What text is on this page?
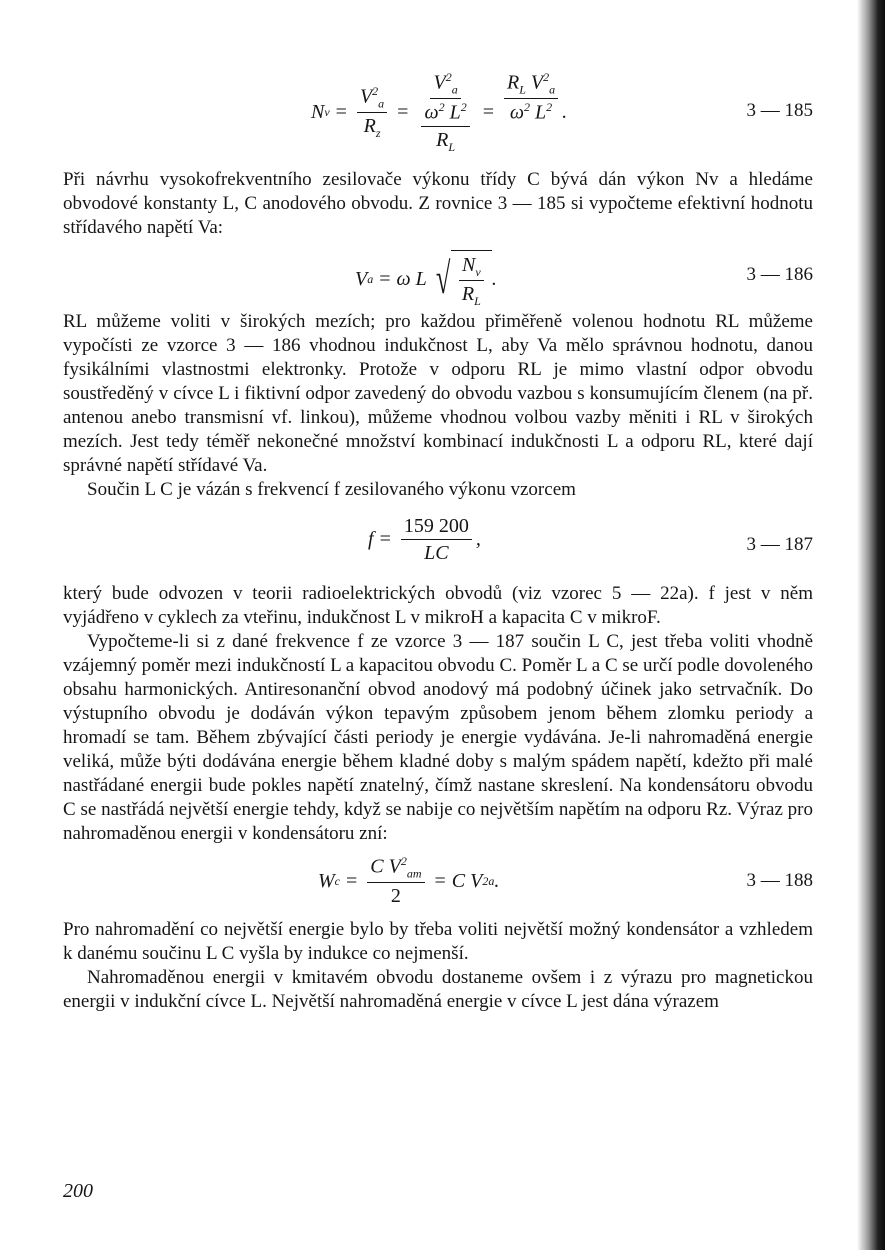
N $v = \frac{V^2_a}{R_z} = V^2_a$
$\omega^2$ $L^2$
$R_L = \frac{R_L V^2_a}{\omega^2 L^2}$ .	3 — 185

Při návrhu vysokofrekventního zesilovače výkonu třídy C bývá dán výkon Nv a hledáme obvodové konstanty L, C anodového obvodu. Z rovnice 3 — 185 si vypočteme efektivní hodnotu střídavého napětí Va:

V a = ω L √ $\frac{N_v}{R_L}$ .	3 — 186

RL můžeme voliti v širokých mezích; pro každou přiměřeně volenou hodnotu RL můžeme vypočísti ze vzorce 3 — 186 vhodnou indukčnost L, aby Va mělo správnou hodnotu, danou fysikálními vlastnostmi elektronky. Protože v odporu RL je mimo vlastní odpor obvodu soustředěný v cívce L i fiktivní odpor zavedený do obvodu vazbou s konsumujícím členem (na př. antenou anebo transmisní vf. linkou), můžeme vhodnou volbou vazby měniti i RL v širokých mezích. Jest tedy téměř nekonečné množství kombinací indukčnosti L a odporu RL, které dají správné napětí střídavé Va.

Součin L C je vázán s frekvencí f zesilovaného výkonu vzorcem

$f = \frac{159 200}{LC}$ ,	3 — 187

který bude odvozen v teorii radioelektrických obvodů (viz vzorec 5 — 22a). f jest v něm vyjádřeno v cyklech za vteřinu, indukčnost L v mikroH a kapacita C v mikroF.

Vypočteme-li si z dané frekvence f ze vzorce 3 — 187 součin L C, jest třeba voliti vhodně vzájemný poměr mezi indukčností L a kapacitou obvodu C. Poměr L a C se určí podle dovoleného obsahu harmonických. Antiresonanční obvod anodový má podobný účinek jako setrvačník. Do výstupního obvodu je dodáván výkon tepavým způsobem jenom během zlomku periody a hromadí se tam. Během zbývající části periody je energie vydávána. Je-li nahromaděná energie veliká, může býti dodávána energie během kladné doby s malým spádem napětí, kdežto při malé nastřádané energii bude pokles napětí znatelný, čímž nastane skreslení. Na kondensátoru obvodu C se nastřádá největší energie tehdy, když se nabije co největším napětím na odporu Rz. Výraz pro nahromaděnou energii v kondensátoru zní:

W $c = \frac{C V^2_{am}}{2} = C$ V 2 a .	3 — 188

Pro nahromadění co největší energie bylo by třeba voliti největší možný kondensátor a vzhledem k danému součinu L C vyšla by indukce co nejmenší.

Nahromaděnou energii v kmitavém obvodu dostaneme ovšem i z výrazu pro magnetickou energii v indukční cívce L. Největší nahromaděná energie v cívce L jest dána výrazem

200
